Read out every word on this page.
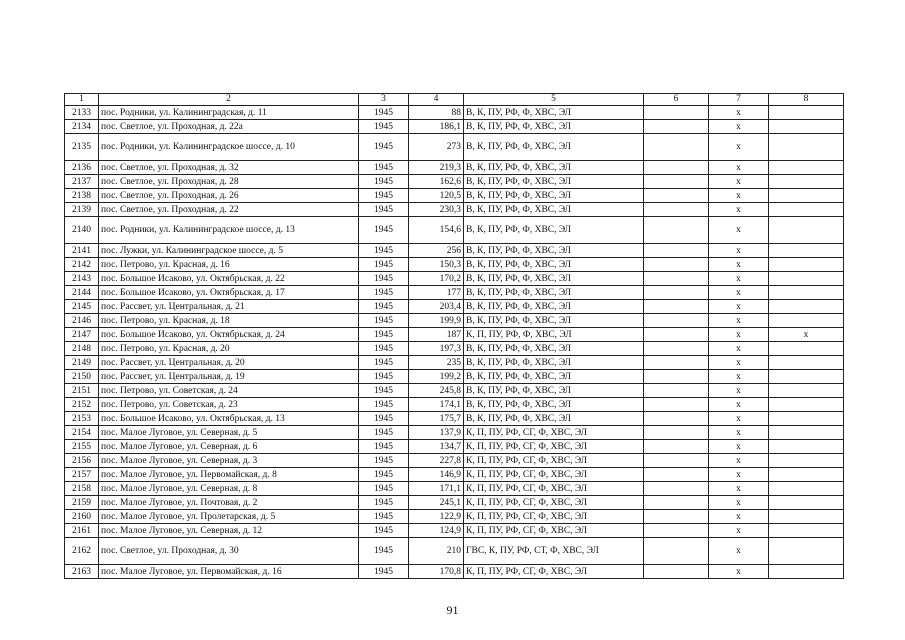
1	2	3	4	5	6	7	8
2133	пос. Родники, ул. Калининградская, д. 11	1945	88	В, К, ПУ, РФ, Ф, ХВС, ЭЛ		x	
2134	пос. Светлое, ул. Проходная, д. 22а	1945	186,1	В, К, ПУ, РФ, Ф, ХВС, ЭЛ		x	
2135	пос. Родники, ул. Калининградское шоссе, д. 10	1945	273	В, К, ПУ, РФ, Ф, ХВС, ЭЛ		x	
2136	пос. Светлое, ул. Проходная, д. 32	1945	219,3	В, К, ПУ, РФ, Ф, ХВС, ЭЛ		x	
2137	пос. Светлое, ул. Проходная, д. 28	1945	162,6	В, К, ПУ, РФ, Ф, ХВС, ЭЛ		x	
2138	пос. Светлое, ул. Проходная, д. 26	1945	120,5	В, К, ПУ, РФ, Ф, ХВС, ЭЛ		x	
2139	пос. Светлое, ул. Проходная, д. 22	1945	230,3	В, К, ПУ, РФ, Ф, ХВС, ЭЛ		x	
2140	пос. Родники, ул. Калининградское шоссе, д. 13	1945	154,6	В, К, ПУ, РФ, Ф, ХВС, ЭЛ		x	
2141	пос. Лужки, ул. Калининградское шоссе, д. 5	1945	256	В, К, ПУ, РФ, Ф, ХВС, ЭЛ		x	
2142	пос. Петрово, ул. Красная, д. 16	1945	150,3	В, К, ПУ, РФ, Ф, ХВС, ЭЛ		x	
2143	пос. Большое Исаково, ул. Октябрьская, д. 22	1945	170,2	В, К, ПУ, РФ, Ф, ХВС, ЭЛ		x	
2144	пос. Большое Исаково, ул. Октябрьская, д. 17	1945	177	В, К, ПУ, РФ, Ф, ХВС, ЭЛ		x	
2145	пос. Рассвет, ул. Центральная, д. 21	1945	203,4	В, К, ПУ, РФ, Ф, ХВС, ЭЛ		x	
2146	пос. Петрово, ул. Красная, д. 18	1945	199,9	В, К, ПУ, РФ, Ф, ХВС, ЭЛ		x	
2147	пос. Большое Исаково, ул. Октябрьская, д. 24	1945	187	К, П, ПУ, РФ, Ф, ХВС, ЭЛ		x	x
2148	пос. Петрово, ул. Красная, д. 20	1945	197,3	В, К, ПУ, РФ, Ф, ХВС, ЭЛ		x	
2149	пос. Рассвет, ул. Центральная, д. 20	1945	235	В, К, ПУ, РФ, Ф, ХВС, ЭЛ		x	
2150	пос. Рассвет, ул. Центральная, д. 19	1945	199,2	В, К, ПУ, РФ, Ф, ХВС, ЭЛ		x	
2151	пос. Петрово, ул. Советская, д. 24	1945	245,8	В, К, ПУ, РФ, Ф, ХВС, ЭЛ		x	
2152	пос. Петрово, ул. Советская, д. 23	1945	174,1	В, К, ПУ, РФ, Ф, ХВС, ЭЛ		x	
2153	пос. Большое Исаково, ул. Октябрьская, д. 13	1945	175,7	В, К, ПУ, РФ, Ф, ХВС, ЭЛ		x	
2154	пос. Малое Луговое, ул. Северная, д. 5	1945	137,9	К, П, ПУ, РФ, СГ, Ф, ХВС, ЭЛ		x	
2155	пос. Малое Луговое, ул. Северная, д. 6	1945	134,7	К, П, ПУ, РФ, СГ, Ф, ХВС, ЭЛ		x	
2156	пос. Малое Луговое, ул. Северная, д. 3	1945	227,8	К, П, ПУ, РФ, СГ, Ф, ХВС, ЭЛ		x	
2157	пос. Малое Луговое, ул. Первомайская, д. 8	1945	146,9	К, П, ПУ, РФ, СГ, Ф, ХВС, ЭЛ		x	
2158	пос. Малое Луговое, ул. Северная, д. 8	1945	171,1	К, П, ПУ, РФ, СГ, Ф, ХВС, ЭЛ		x	
2159	пос. Малое Луговое, ул. Почтовая, д. 2	1945	245,1	К, П, ПУ, РФ, СГ, Ф, ХВС, ЭЛ		x	
2160	пос. Малое Луговое, ул. Пролетарская, д. 5	1945	122,9	К, П, ПУ, РФ, СГ, Ф, ХВС, ЭЛ		x	
2161	пос. Малое Луговое, ул. Северная, д. 12	1945	124,9	К, П, ПУ, РФ, СГ, Ф, ХВС, ЭЛ		x	
2162	пос. Светлое, ул. Проходная, д. 30	1945	210	ГВС, К, ПУ, РФ, СТ, Ф, ХВС, ЭЛ		x	
2163	пос. Малое Луговое, ул. Первомайская, д. 16	1945	170,8	К, П, ПУ, РФ, СГ, Ф, ХВС, ЭЛ		x	
91
